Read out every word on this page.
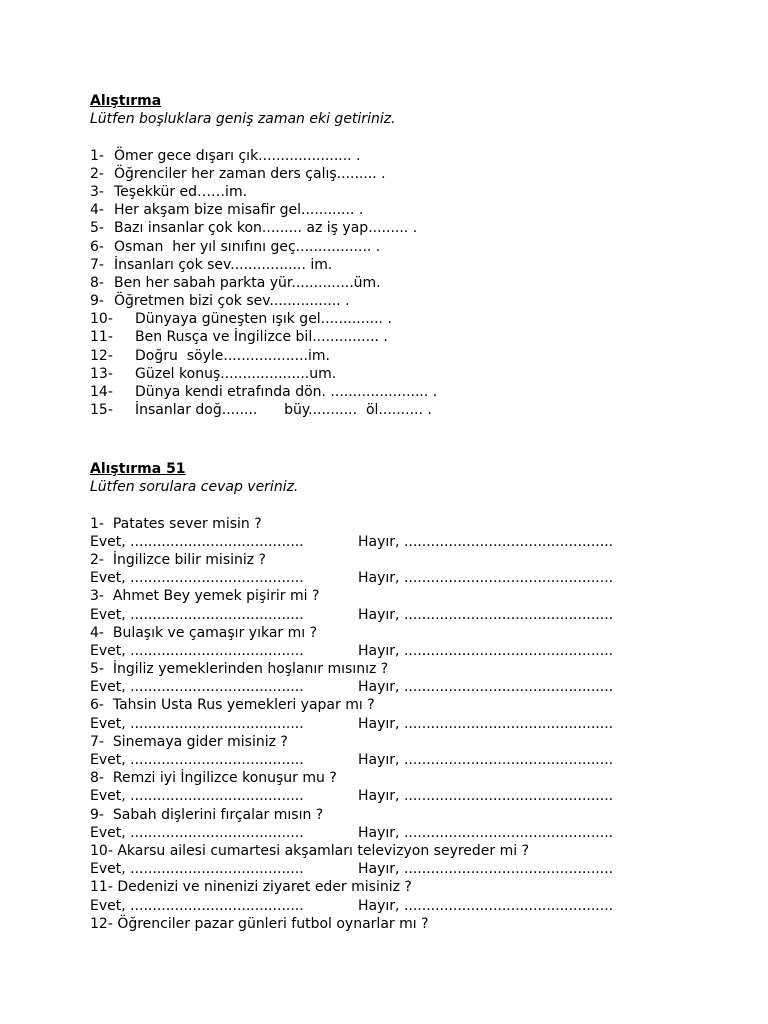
Alıştırma
Lütfen boşluklara geniş zaman eki getiriniz.
1- Ömer gece dışarı çık..................... .
2- Öğrenciler her zaman ders çalış......... .
3- Teşekkür ed……im.
4- Her akşam bize misafir gel............ .
5- Bazı insanlar çok kon......... az iş yap......... .
6- Osman  her yıl sınıfını geç................. .
7- İnsanları çok sev................. im.
8- Ben her sabah parkta yür..............üm.
9- Öğretmen bizi çok sev................ .
10-	Dünyaya güneşten ışık gel.............. .
11-	Ben Rusça ve İngilizce bil............... .
12-	Doğru  söyle...................im.
13-	Güzel konuş....................um.
14-	Dünya kendi etrafında dön. ...................... .
15-	İnsanlar doğ........      büy...........  öl.......... .
Alıştırma 51
Lütfen sorulara cevap veriniz.
1-  Patates sever misin ?
Evet, .......................................	Hayır, ...............................................
2-  İngilizce bilir misiniz ?
Evet, .......................................	Hayır, ...............................................
3-  Ahmet Bey yemek pişirir mi ?
Evet, .......................................	Hayır, ...............................................
4-  Bulaşık ve çamaşır yıkar mı ?
Evet, .......................................	Hayır, ...............................................
5-  İngiliz yemeklerinden hoşlanır mısınız ?
Evet, .......................................	Hayır, ...............................................
6-  Tahsin Usta Rus yemekleri yapar mı ?
Evet, .......................................	Hayır, ...............................................
7-  Sinemaya gider misiniz ?
Evet, .......................................	Hayır, ...............................................
8-  Remzi iyi İngilizce konuşur mu ?
Evet, .......................................	Hayır, ...............................................
9-  Sabah dişlerini fırçalar mısın ?
Evet, .......................................	Hayır, ...............................................
10- Akarsu ailesi cumartesi akşamları televizyon seyreder mi ?
Evet, .......................................	Hayır, ...............................................
11- Dedenizi ve ninenizi ziyaret eder misiniz ?
Evet, .......................................	Hayır, ...............................................
12- Öğrenciler pazar günleri futbol oynarlar mı ?
